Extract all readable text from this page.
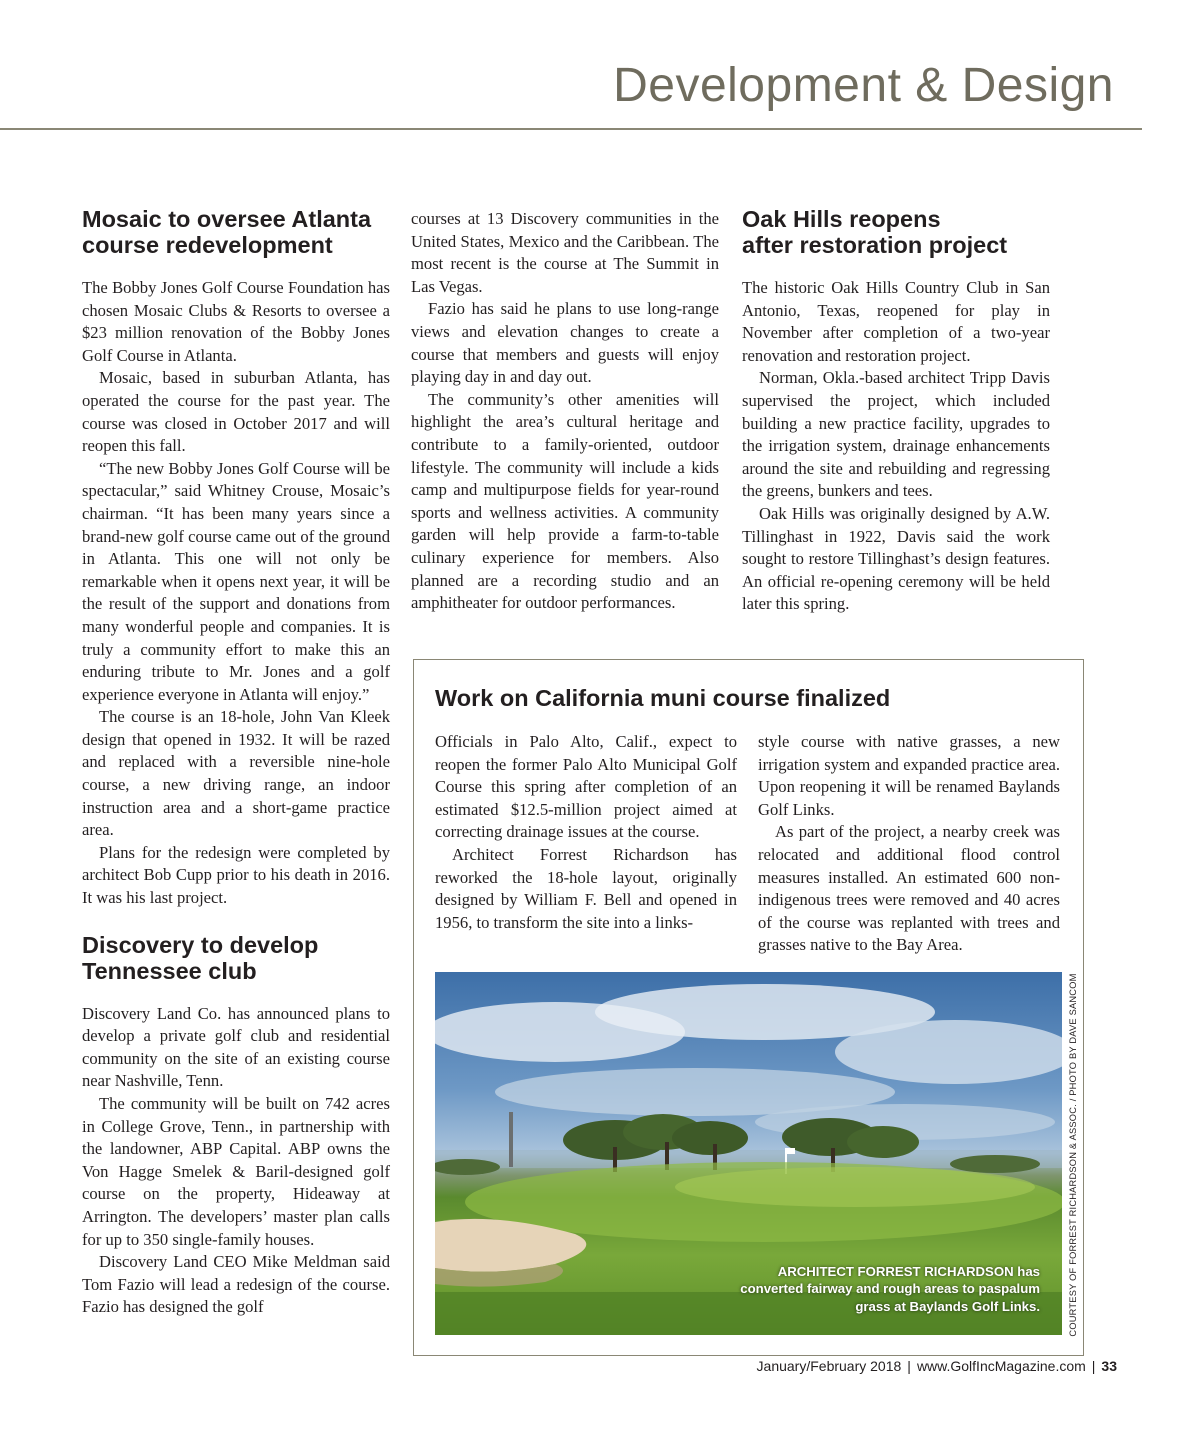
Development & Design
Mosaic to oversee Atlanta
course redevelopment

The Bobby Jones Golf Course Foundation has chosen Mosaic Clubs & Resorts to oversee a $23 million renovation of the Bobby Jones Golf Course in Atlanta.

Mosaic, based in suburban Atlanta, has operated the course for the past year. The course was closed in October 2017 and will reopen this fall.

“The new Bobby Jones Golf Course will be spectacular,” said Whitney Crouse, Mosaic’s chairman. “It has been many years since a brand-new golf course came out of the ground in Atlanta. This one will not only be remarkable when it opens next year, it will be the result of the support and donations from many wonderful people and companies. It is truly a community effort to make this an enduring tribute to Mr. Jones and a golf experience everyone in Atlanta will enjoy.”

The course is an 18-hole, John Van Kleek design that opened in 1932. It will be razed and replaced with a reversible nine-hole course, a new driving range, an indoor instruction area and a short-game practice area.

Plans for the redesign were completed by architect Bob Cupp prior to his death in 2016. It was his last project.

Discovery to develop
Tennessee club

Discovery Land Co. has announced plans to develop a private golf club and residential community on the site of an existing course near Nashville, Tenn.

The community will be built on 742 acres in College Grove, Tenn., in partnership with the landowner, ABP Capital. ABP owns the Von Hagge Smelek & Baril-designed golf course on the property, Hideaway at Arrington. The developers’ master plan calls for up to 350 single-family houses.

Discovery Land CEO Mike Meldman said Tom Fazio will lead a redesign of the course. Fazio has designed the golf

courses at 13 Discovery communities in the United States, Mexico and the Caribbean. The most recent is the course at The Summit in Las Vegas.

Fazio has said he plans to use long-range views and elevation changes to create a course that members and guests will enjoy playing day in and day out.

The community’s other amenities will highlight the area’s cultural heritage and contribute to a family-oriented, outdoor lifestyle. The community will include a kids camp and multipurpose fields for year-round sports and wellness activities. A community garden will help provide a farm-to-table culinary experience for members. Also planned are a recording studio and an amphitheater for outdoor performances.

Oak Hills reopens
after restoration project

The historic Oak Hills Country Club in San Antonio, Texas, reopened for play in November after completion of a two-year renovation and restoration project.

Norman, Okla.-based architect Tripp Davis supervised the project, which included building a new practice facility, upgrades to the irrigation system, drainage enhancements around the site and rebuilding and regressing the greens, bunkers and tees.

Oak Hills was originally designed by A.W. Tillinghast in 1922, Davis said the work sought to restore Tillinghast’s design features. An official re-opening ceremony will be held later this spring.

Work on California muni course finalized

Officials in Palo Alto, Calif., expect to reopen the former Palo Alto Municipal Golf Course this spring after completion of an estimated $12.5-million project aimed at correcting drainage issues at the course.

Architect Forrest Richardson has reworked the 18-hole layout, originally designed by William F. Bell and opened in 1956, to transform the site into a links-

style course with native grasses, a new irrigation system and expanded practice area. Upon reopening it will be renamed Baylands Golf Links.

As part of the project, a nearby creek was relocated and additional flood control measures installed. An estimated 600 non-indigenous trees were removed and 40 acres of the course was replanted with trees and grasses native to the Bay Area.

ARCHITECT FORREST RICHARDSON has converted fairway and rough areas to paspalum grass at Baylands Golf Links.	COURTESY OF FORREST RICHARDSON & ASSOC. / PHOTO BY DAVE SANCOM

January/February 2018 | www.GolfIncMagazine.com | 33
